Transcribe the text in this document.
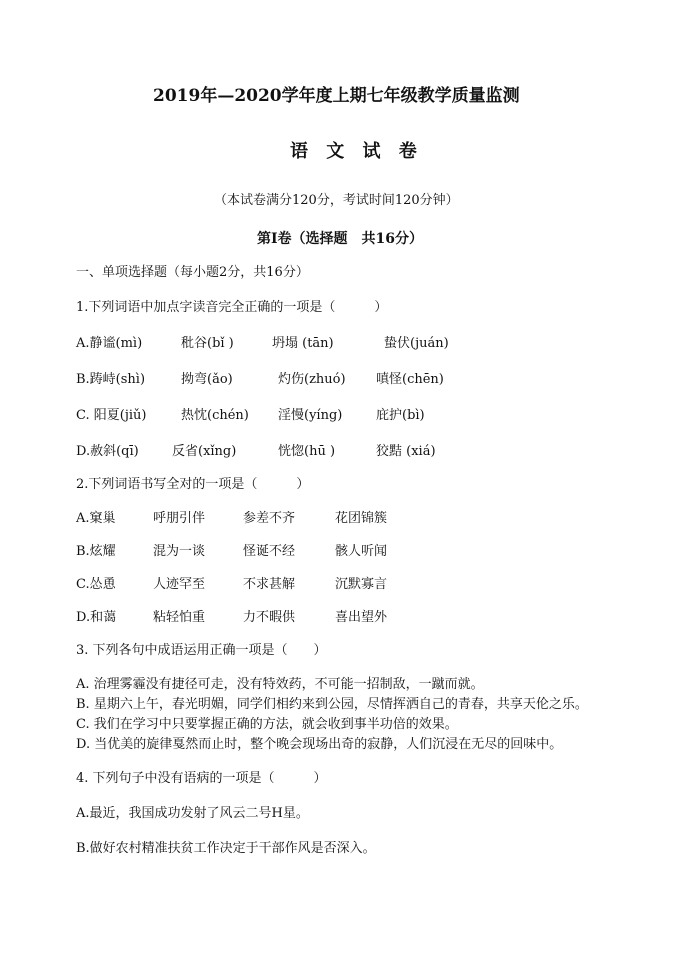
2019年—2020学年度上期七年级教学质量监测
语 文 试 卷
（本试卷满分120分，考试时间120分钟）
第Ⅰ卷（选择题　共16分）
一、单项选择题（每小题2分，共16分）
1.下列词语中加点字读音完全正确的一项是（　　　）
A.静谧(mì)	秕谷(bǐ )	坍塌 (tān)	蛰伏(juán)
B.踌峙(shì)	拗弯(ǎo)	灼伤(zhuó) 嗔怪(chēn)
C. 阳夏(jiǔ)	热忱(chén) 淫慢(yíng)	庇护(bì)
D.赦斜(qī)	反省(xǐng)	恍惚(hū )	狡黠 (xiá)
2.下列词语书写全对的一项是（　　　）
A.窠巢	呼朋引伴	参差不齐	花团锦簇
B.炫耀	混为一谈	怪诞不经	骸人听闻
C.怂恿	人迹罕至	不求甚解	沉默寡言
D.和蔼	粘轻怕重	力不暇供	喜出望外
3. 下列各句中成语运用正确一项是（　　）
A. 治理雾霾没有捷径可走，没有特效药，不可能一招制敌，一蹴而就。
B. 星期六上午，春光明媚，同学们相约来到公园，尽情挥洒自己的青春，共享天伦之乐。
C. 我们在学习中只要掌握正确的方法，就会收到事半功倍的效果。
D. 当优美的旋律戛然而止时，整个晚会现场出奇的寂静，人们沉浸在无尽的回味中。
4. 下列句子中没有语病的一项是（　　　）
A.最近，我国成功发射了风云二号H星。
B.做好农村精准扶贫工作决定于干部作风是否深入。
